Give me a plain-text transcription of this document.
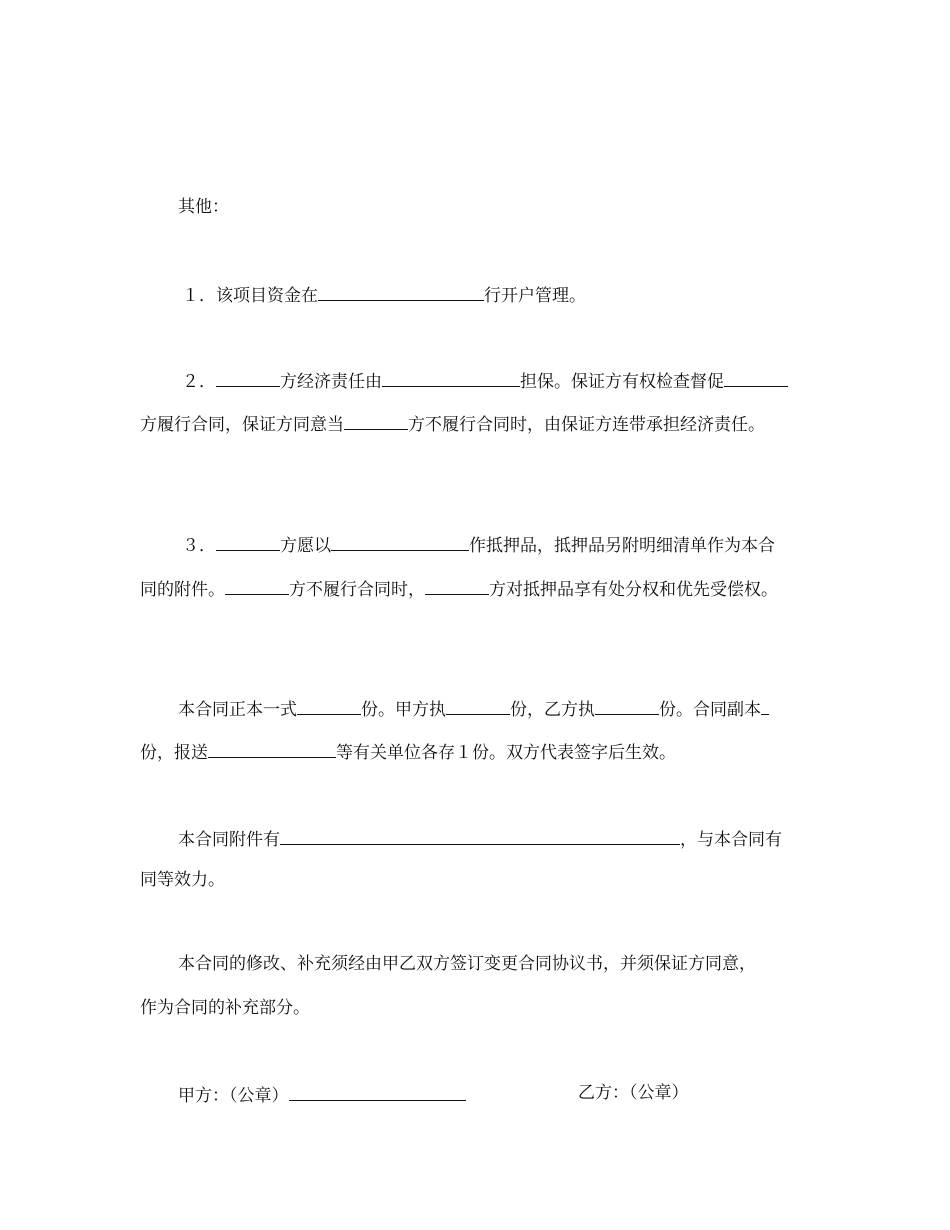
其他：
１．该项目资金在	行开户管理。
２．	方经济责任由	担保。保证方有权检查督促
方履行合同，保证方同意当	方不履行合同时，由保证方连带承担经济责任。
３．	方愿以	作抵押品，抵押品另附明细清单作为本合
同的附件。	方不履行合同时，	方对抵押品享有处分权和优先受偿权。
本合同正本一式	份。甲方执	份，乙方执	份。合同副本
份，报送	等有关单位各存１份。双方代表签字后生效。
本合同附件有	，与本合同有
同等效力。
本合同的修改、补充须经由甲乙双方签订变更合同协议书，并须保证方同意，
作为合同的补充部分。
甲方：（公章）	乙方：（公章）
